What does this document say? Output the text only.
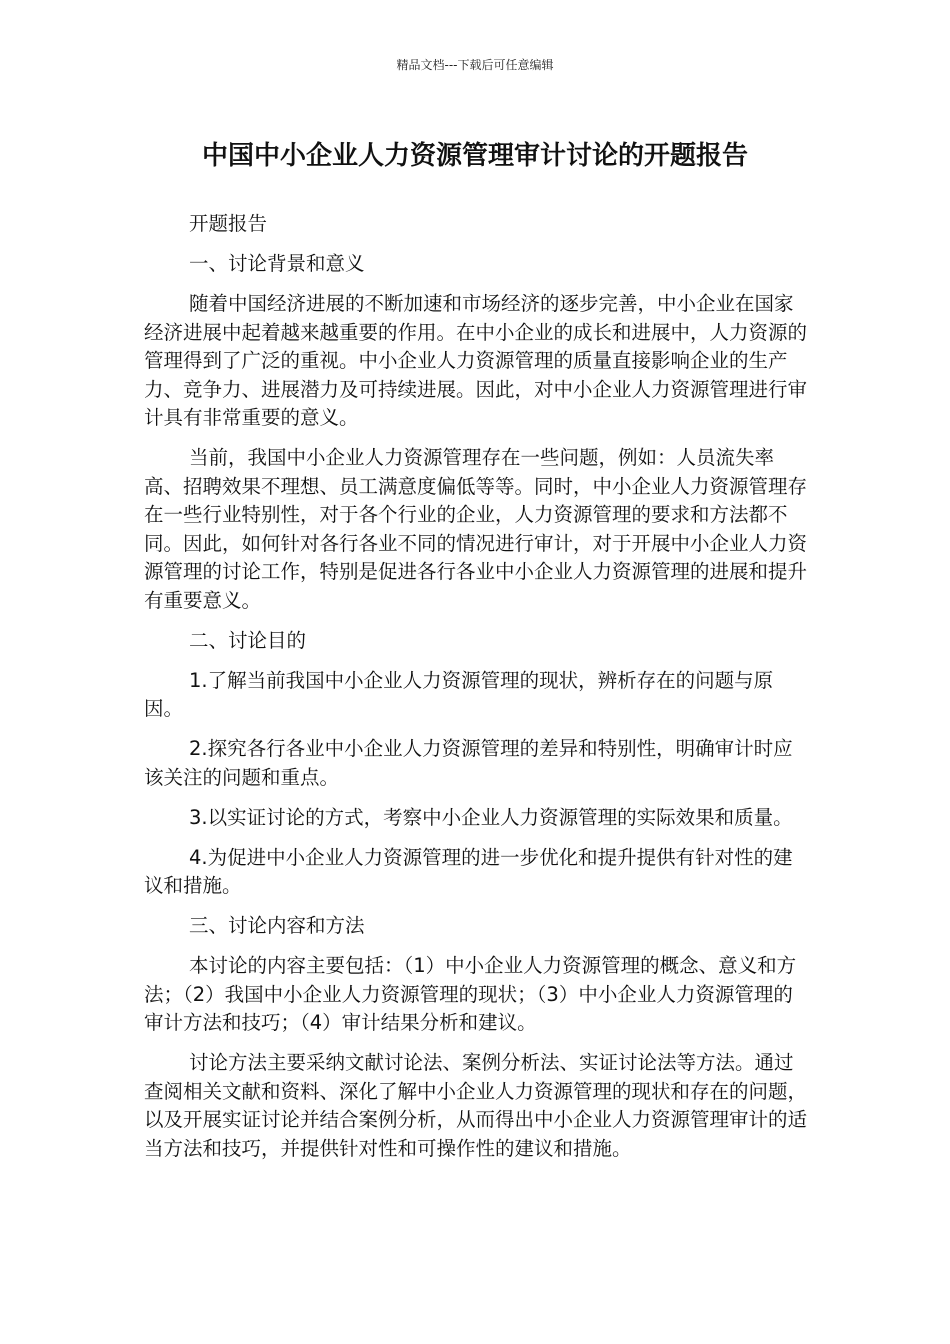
精品文档---下载后可任意编辑
中国中小企业人力资源管理审计讨论的开题报告

开题报告

一、讨论背景和意义

随着中国经济进展的不断加速和市场经济的逐步完善，中小企业在国家经济进展中起着越来越重要的作用。在中小企业的成长和进展中，人力资源的管理得到了广泛的重视。中小企业人力资源管理的质量直接影响企业的生产力、竞争力、进展潜力及可持续进展。因此，对中小企业人力资源管理进行审计具有非常重要的意义。

当前，我国中小企业人力资源管理存在一些问题，例如：人员流失率高、招聘效果不理想、员工满意度偏低等等。同时，中小企业人力资源管理存在一些行业特别性，对于各个行业的企业，人力资源管理的要求和方法都不同。因此，如何针对各行各业不同的情况进行审计，对于开展中小企业人力资源管理的讨论工作，特别是促进各行各业中小企业人力资源管理的进展和提升有重要意义。

二、讨论目的

1.了解当前我国中小企业人力资源管理的现状，辨析存在的问题与原因。

2.探究各行各业中小企业人力资源管理的差异和特别性，明确审计时应该关注的问题和重点。

3.以实证讨论的方式，考察中小企业人力资源管理的实际效果和质量。

4.为促进中小企业人力资源管理的进一步优化和提升提供有针对性的建议和措施。

三、讨论内容和方法

本讨论的内容主要包括：（1）中小企业人力资源管理的概念、意义和方法；（2）我国中小企业人力资源管理的现状；（3）中小企业人力资源管理的审计方法和技巧；（4）审计结果分析和建议。

讨论方法主要采纳文献讨论法、案例分析法、实证讨论法等方法。通过查阅相关文献和资料、深化了解中小企业人力资源管理的现状和存在的问题，以及开展实证讨论并结合案例分析，从而得出中小企业人力资源管理审计的适当方法和技巧，并提供针对性和可操作性的建议和措施。
